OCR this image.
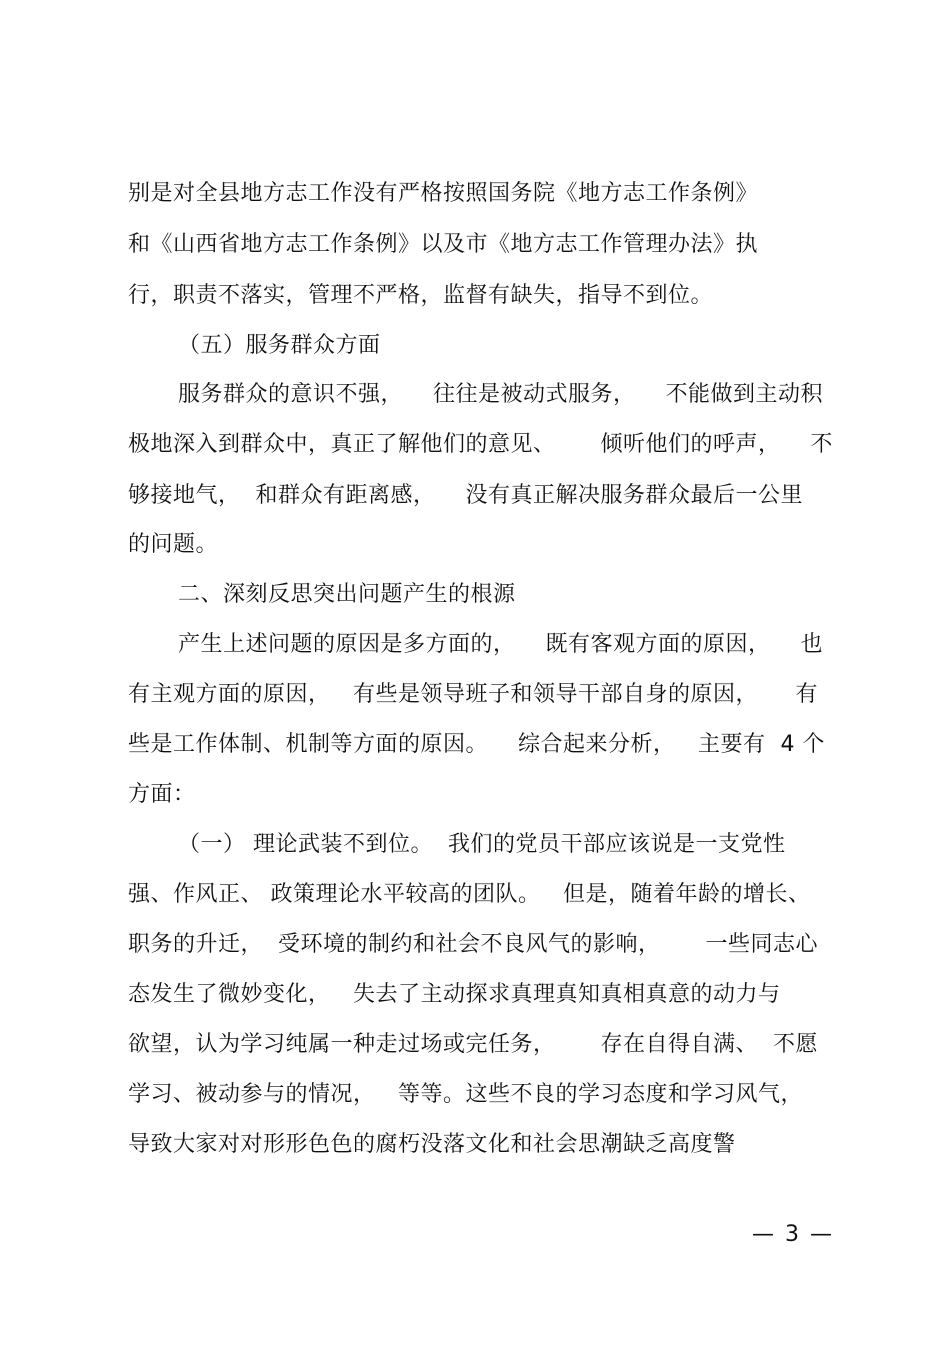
别是对全县地方志工作没有严格按照国务院《地方志工作条例》
和《山西省地方志工作条例》以及市《地方志工作管理办法》执
行，职责不落实，管理不严格，监督有缺失，指导不到位。
（五）服务群众方面
服务群众的意识不强，    往往是被动式服务，    不能做到主动积
极地深入到群众中，真正了解他们的意见、      倾听他们的呼声，    不
够接地气，  和群众有距离感，    没有真正解决服务群众最后一公里
的问题。
二、深刻反思突出问题产生的根源
产生上述问题的原因是多方面的，    既有客观方面的原因，    也
有主观方面的原因，   有些是领导班子和领导干部自身的原因，     有
些是工作体制、机制等方面的原因。    综合起来分析，   主要有  4 个
方面：
（一） 理论武装不到位。  我们的党员干部应该说是一支党性
强、作风正、 政策理论水平较高的团队。   但是，随着年龄的增长、
职务的升迁，  受环境的制约和社会不良风气的影响，      一些同志心
态发生了微妙变化，   失去了主动探求真理真知真相真意的动力与
欲望，认为学习纯属一种走过场或完任务，      存在自得自满、  不愿
学习、被动参与的情况，   等等。这些不良的学习态度和学习风气，
导致大家对对形形色色的腐朽没落文化和社会思潮缺乏高度警
— 3 —
